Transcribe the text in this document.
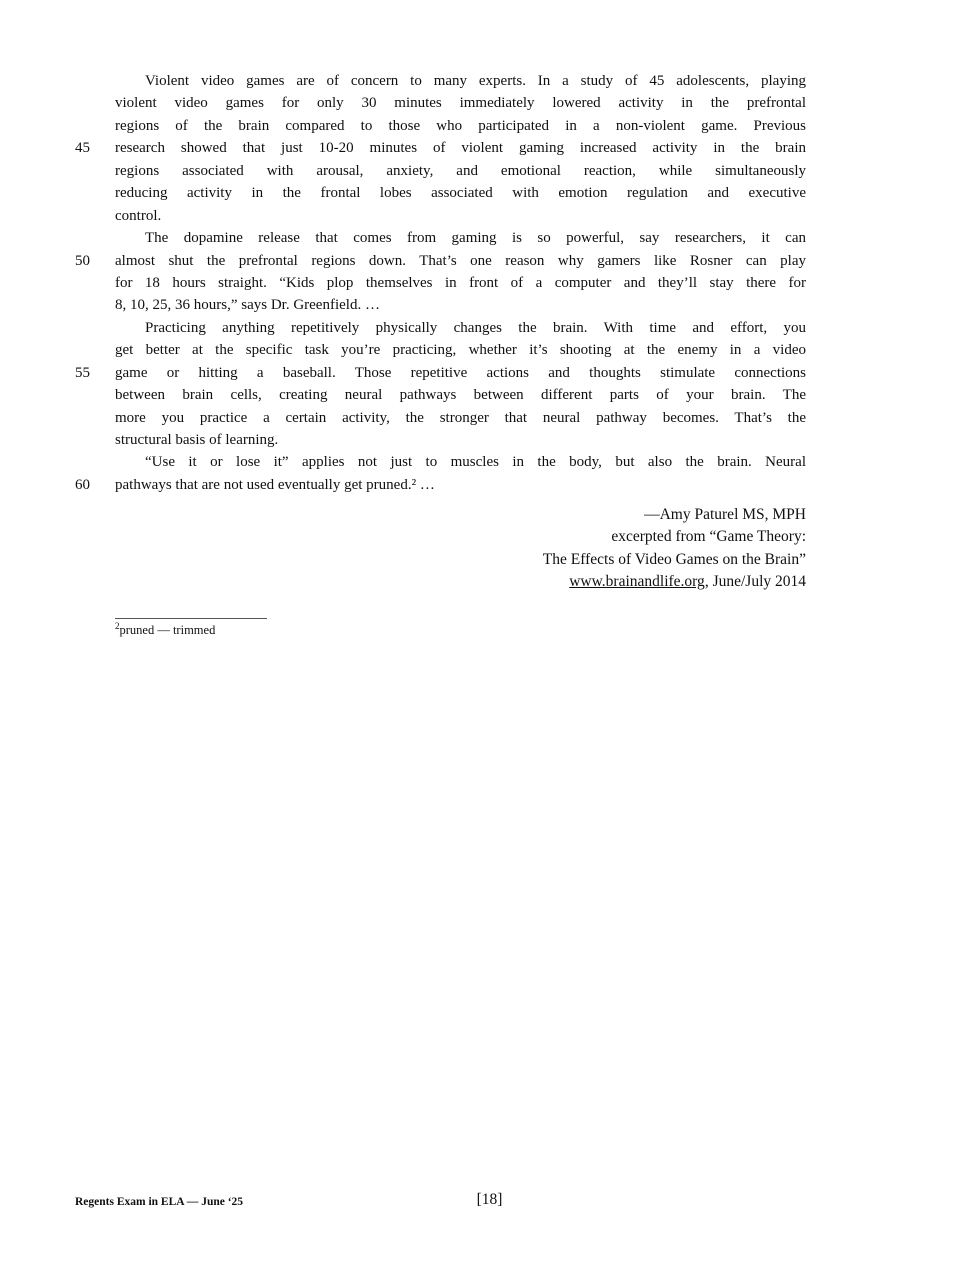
Violent video games are of concern to many experts. In a study of 45 adolescents, playing
violent video games for only 30 minutes immediately lowered activity in the prefrontal
regions of the brain compared to those who participated in a non-violent game. Previous
45	research showed that just 10-20 minutes of violent gaming increased activity in the brain
regions associated with arousal, anxiety, and emotional reaction, while simultaneously
reducing activity in the frontal lobes associated with emotion regulation and executive
control.
The dopamine release that comes from gaming is so powerful, say researchers, it can
50	almost shut the prefrontal regions down. That’s one reason why gamers like Rosner can play
for 18 hours straight. “Kids plop themselves in front of a computer and they’ll stay there for
8, 10, 25, 36 hours,” says Dr. Greenfield. …
Practicing anything repetitively physically changes the brain. With time and effort, you
get better at the specific task you’re practicing, whether it’s shooting at the enemy in a video
55	game or hitting a baseball. Those repetitive actions and thoughts stimulate connections
between brain cells, creating neural pathways between different parts of your brain. The
more you practice a certain activity, the stronger that neural pathway becomes. That’s the
structural basis of learning.
“Use it or lose it” applies not just to muscles in the body, but also the brain. Neural
60	pathways that are not used eventually get pruned.² …
—Amy Paturel MS, MPH
excerpted from “Game Theory:
The Effects of Video Games on the Brain”
www.brainandlife.org, June/July 2014
$^2$pruned — trimmed
Regents Exam in ELA — June ‘25	[18]
